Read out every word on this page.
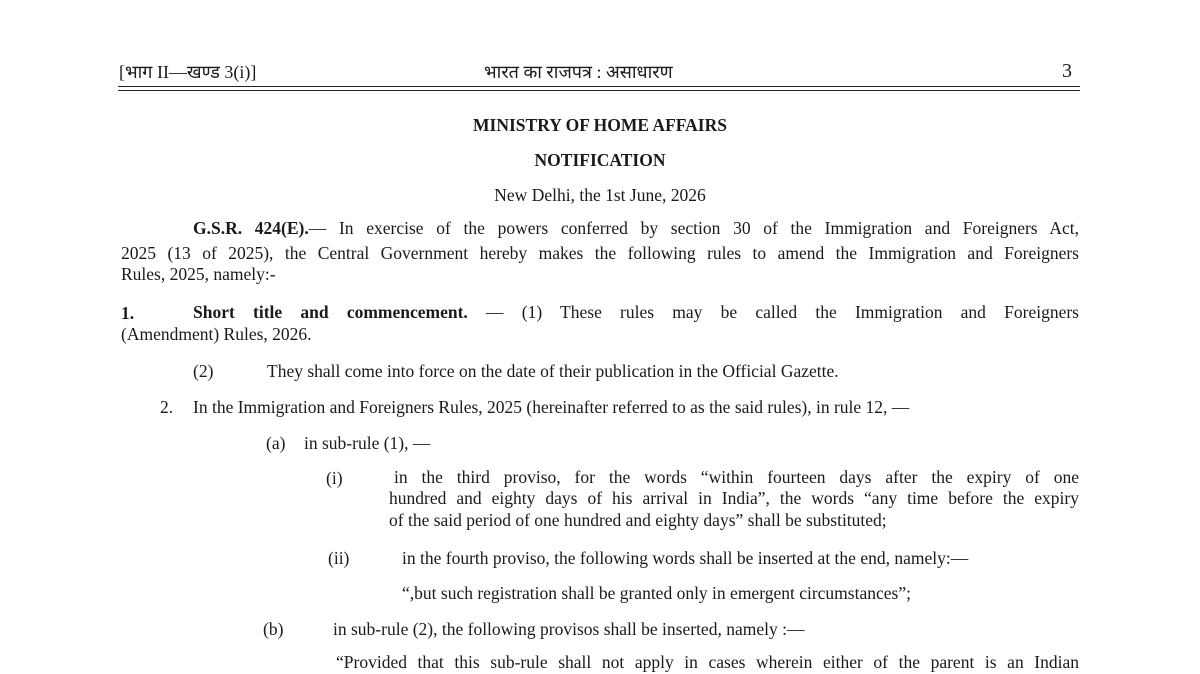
[भाग II—खण्ड 3(i)]	भारत का राजपत्र : असाधारण	3
MINISTRY OF HOME AFFAIRS
NOTIFICATION
New Delhi, the 1st June, 2026
G.S.R. 424(E).— In exercise of the powers conferred by section 30 of the Immigration and Foreigners Act,
2025 (13 of 2025), the Central Government hereby makes the following rules to amend the Immigration and Foreigners
Rules, 2025, namely:-
1.	Short title and commencement. — (1) These rules may be called the Immigration and Foreigners
(Amendment) Rules, 2026.
(2)	They shall come into force on the date of their publication in the Official Gazette.
2. In the Immigration and Foreigners Rules, 2025 (hereinafter referred to as the said rules), in rule 12, —
(a) in sub-rule (1), —
(i)	in the third proviso, for the words “within fourteen days after the expiry of one
hundred and eighty days of his arrival in India”, the words “any time before the expiry
of the said period of one hundred and eighty days” shall be substituted;
(ii)	in the fourth proviso, the following words shall be inserted at the end, namely:—
“,but such registration shall be granted only in emergent circumstances”;
(b)	in sub-rule (2), the following provisos shall be inserted, namely :—
“Provided that this sub-rule shall not apply in cases wherein either of the parent is an Indian
